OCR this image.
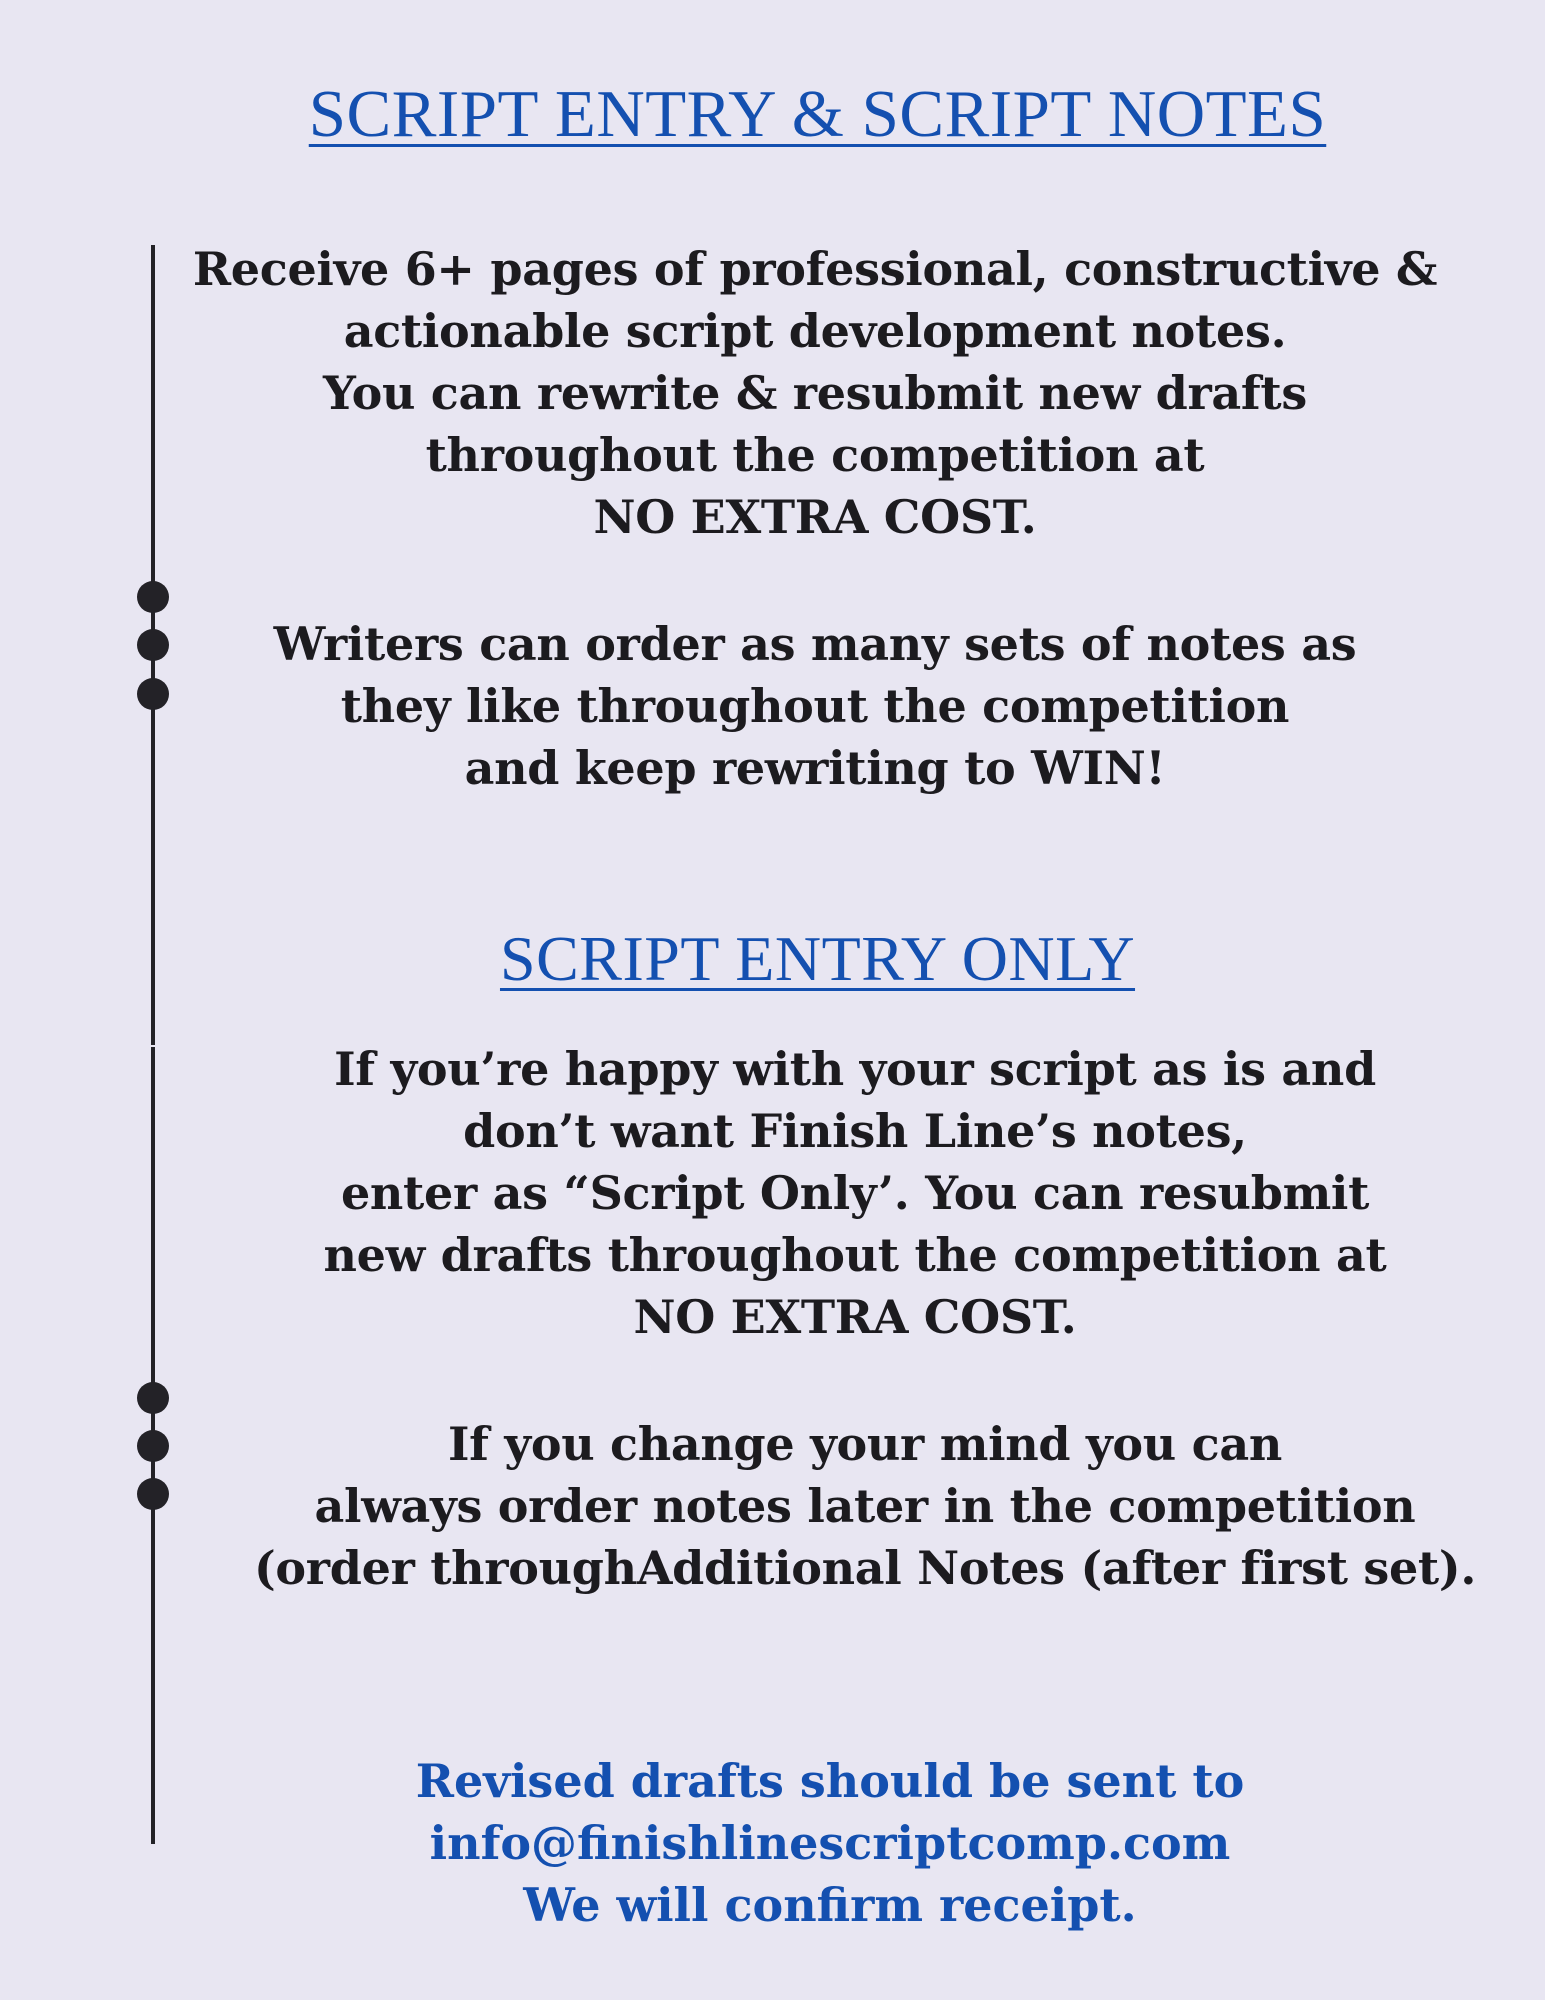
SCRIPT ENTRY & SCRIPT NOTES

Receive 6+ pages of professional, constructive &
actionable script development notes.
You can rewrite & resubmit new drafts
throughout the competition at
NO EXTRA COST.

Writers can order as many sets of notes as
they like throughout the competition
and keep rewriting to WIN!

SCRIPT ENTRY ONLY

If you’re happy with your script as is and
don’t want Finish Line’s notes,
enter as “Script Only’. You can resubmit
new drafts throughout the competition at
NO EXTRA COST.

If you change your mind you can
always order notes later in the competition
(order throughAdditional Notes (after first set).

Revised drafts should be sent to
info@finishlinescriptcomp.com
We will confirm receipt.
